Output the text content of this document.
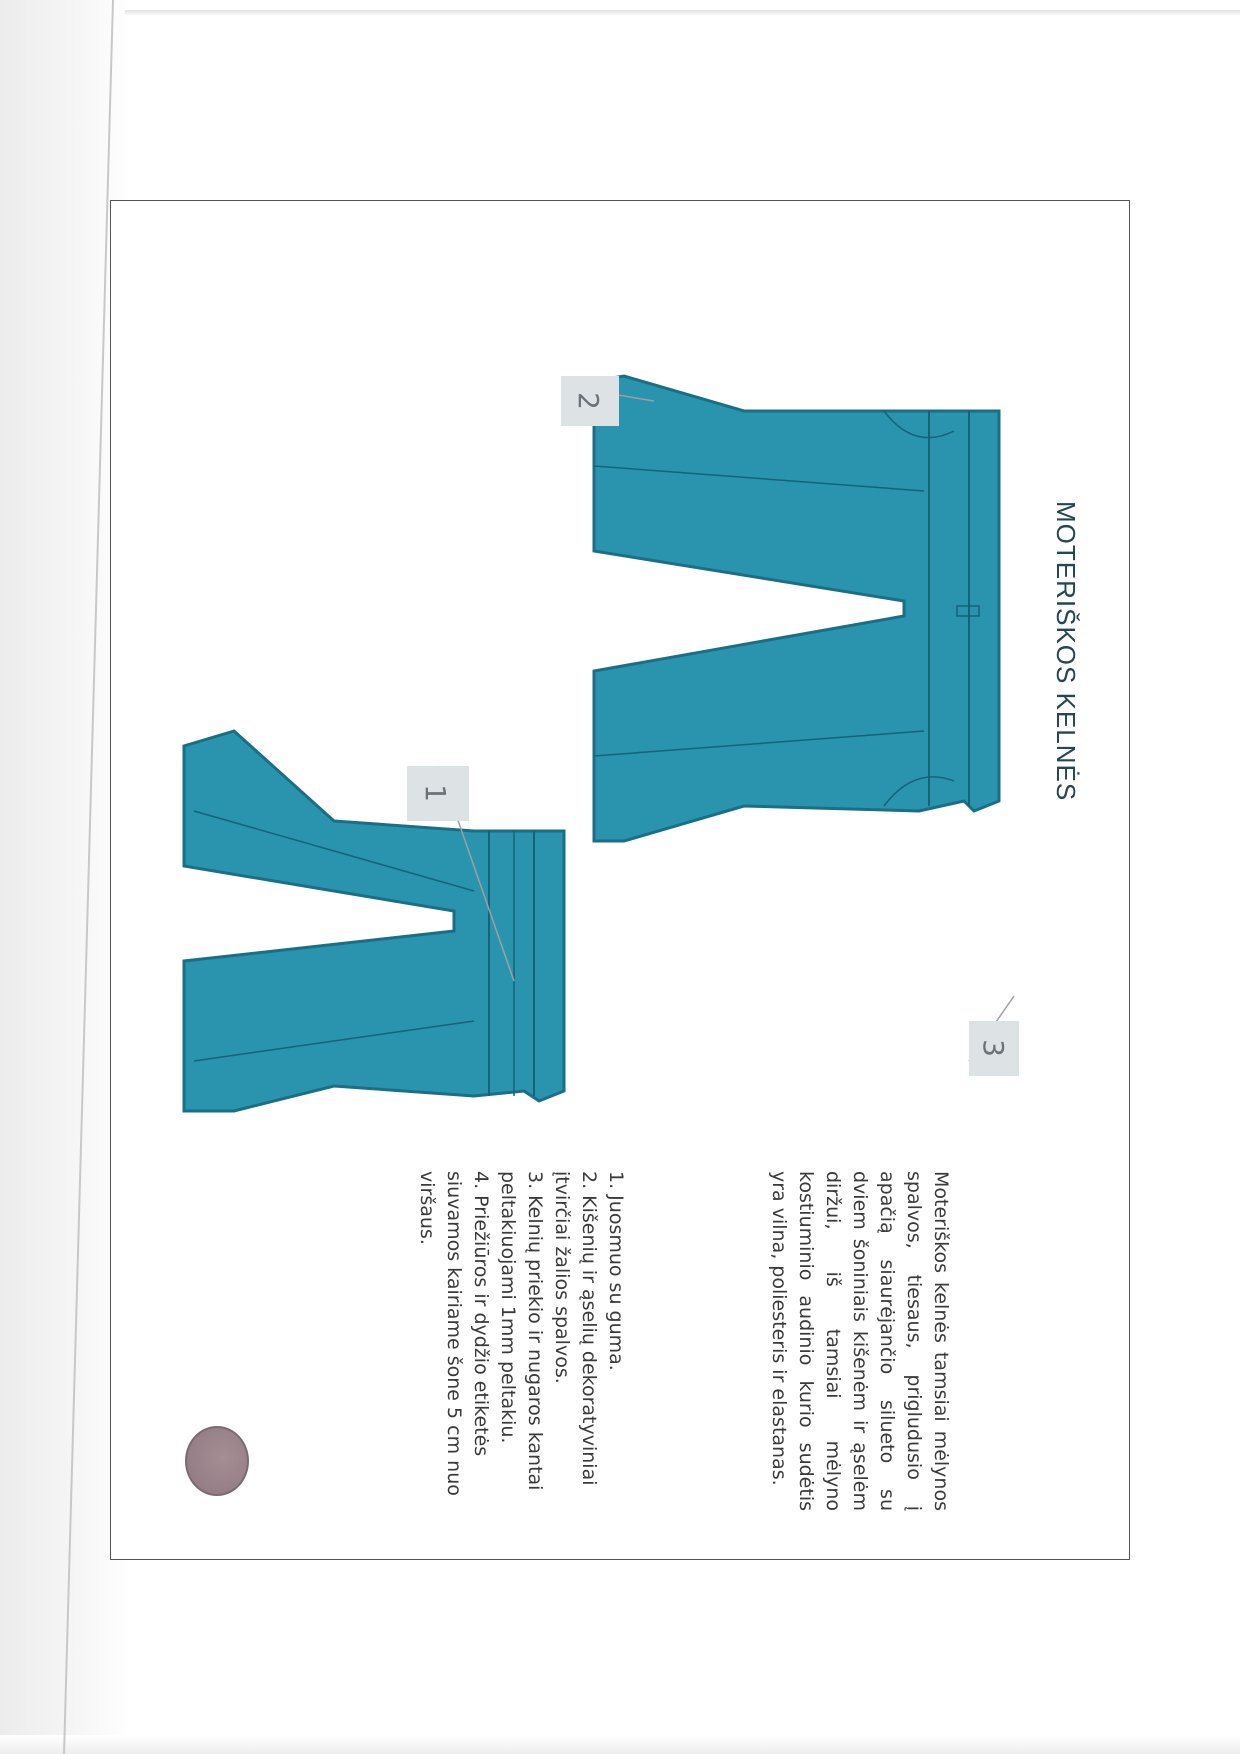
MOTERIŠKOS KELNĖS
1
2
3

Moteriškos kelnės tamsiai mėlynos spalvos, tiesaus, prigludusio į apačią siaurėjančio silueto su dviem šoniniais kišenėm ir ąselėm diržui, iš tamsiai mėlyno kostiuminio audinio kurio sudėtis yra vilna, poliesteris ir elastanas.

1. Juosmuo su guma.
2. Kišenių ir ąselių dekoratyviniai įtvirčiai žalios spalvos.
3. Kelnių priekio ir nugaros kantai peltakiuojami 1mm peltakiu.
4. Priežiūros ir dydžio etiketės siuvamos kairiame šone 5 cm nuo viršaus.
